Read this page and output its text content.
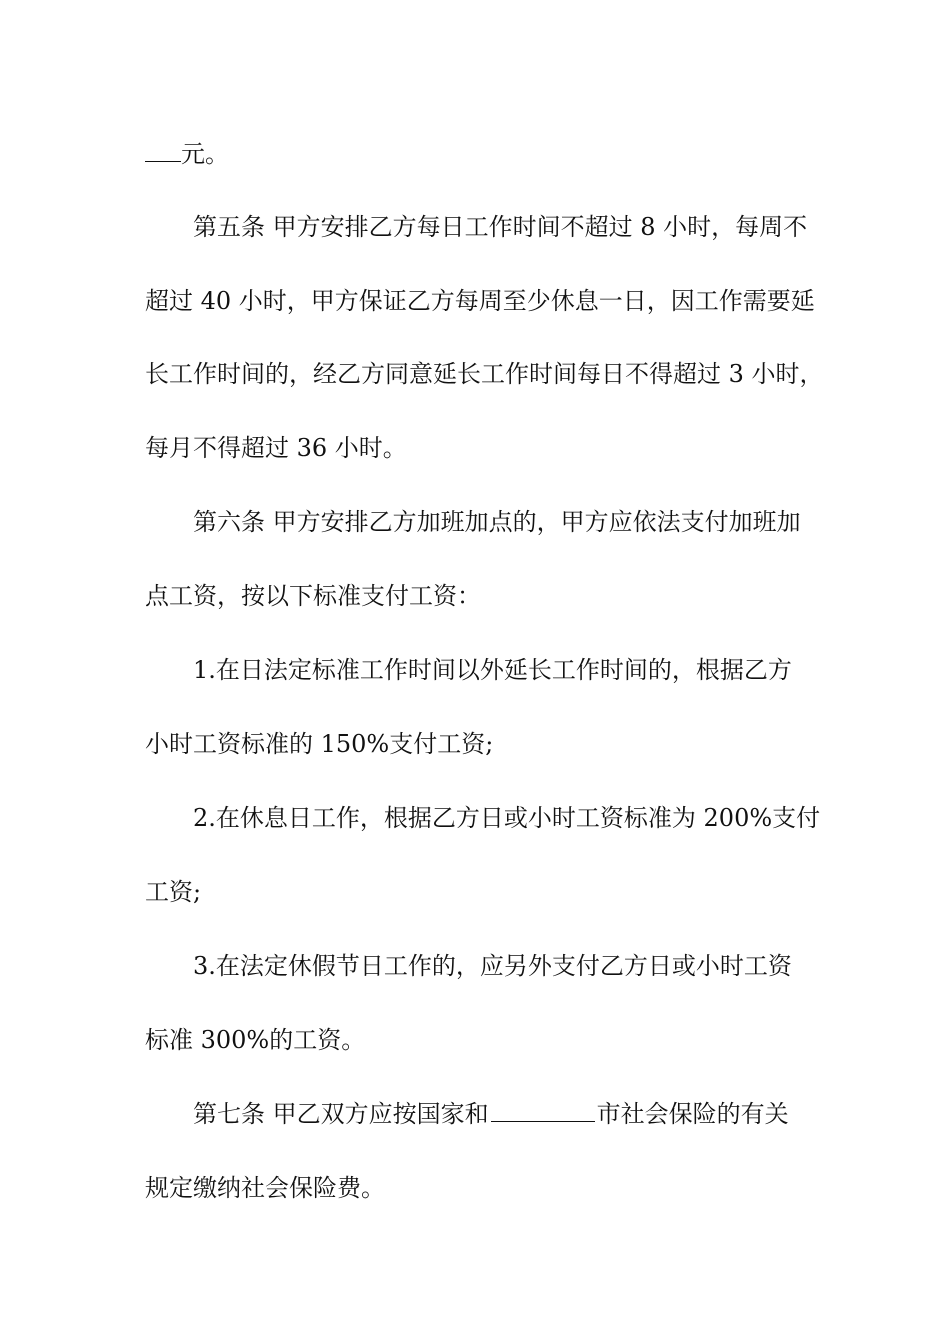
元。
第五条 甲方安排乙方每日工作时间不超过 8 小时，每周不
超过 40 小时，甲方保证乙方每周至少休息一日，因工作需要延
长工作时间的，经乙方同意延长工作时间每日不得超过 3 小时，
每月不得超过 36 小时。
第六条 甲方安排乙方加班加点的，甲方应依法支付加班加
点工资，按以下标准支付工资：
1.在日法定标准工作时间以外延长工作时间的，根据乙方
小时工资标准的 150%支付工资;
2.在休息日工作，根据乙方日或小时工资标准为 200%支付
工资;
3.在法定休假节日工作的，应另外支付乙方日或小时工资
标准 300%的工资。
第七条 甲乙双方应按国家和	市社会保险的有关
规定缴纳社会保险费。
